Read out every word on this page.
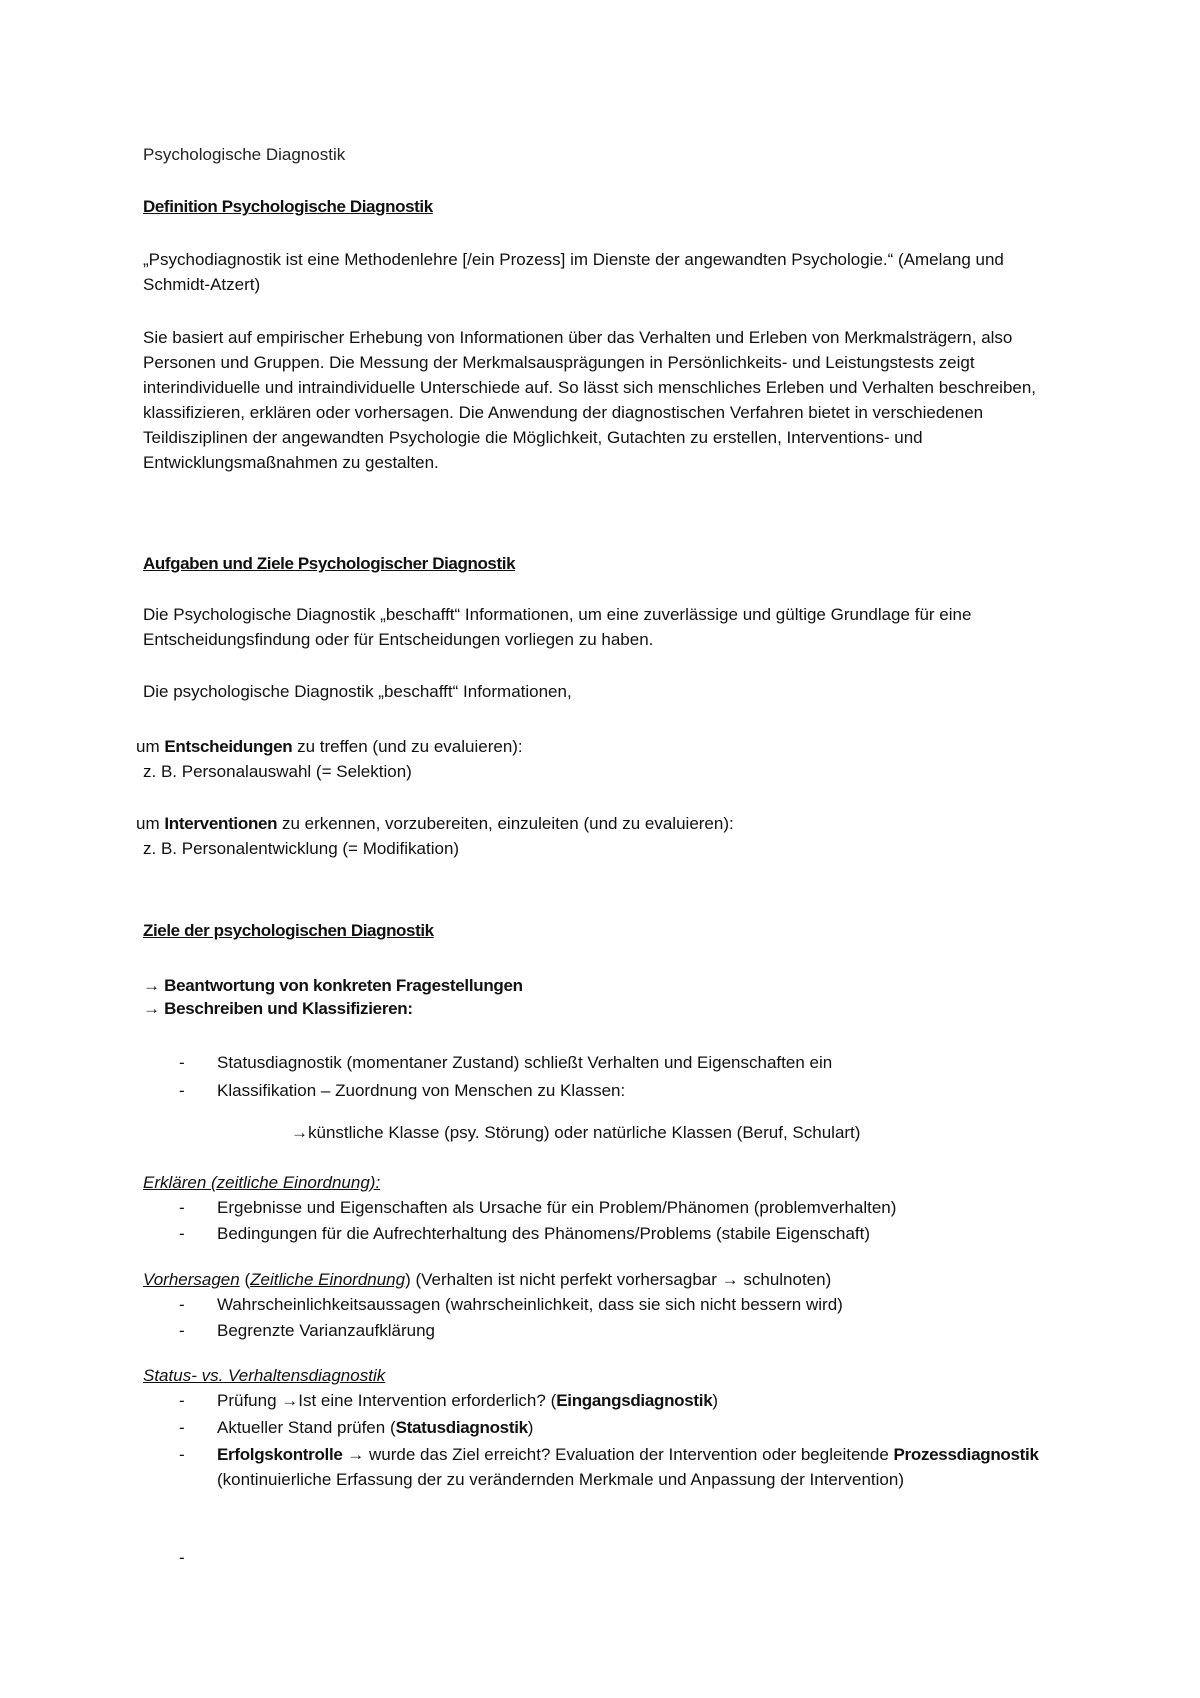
Psychologische Diagnostik
Definition Psychologische Diagnostik

„Psychodiagnostik ist eine Methodenlehre [/ein Prozess] im Dienste der angewandten Psychologie.“ (Amelang und Schmidt-Atzert)

Sie basiert auf empirischer Erhebung von Informationen über das Verhalten und Erleben von Merkmalsträgern, also Personen und Gruppen. Die Messung der Merkmalsausprägungen in Persönlichkeits- und Leistungstests zeigt interindividuelle und intraindividuelle Unterschiede auf. So lässt sich menschliches Erleben und Verhalten beschreiben, klassifizieren, erklären oder vorhersagen. Die Anwendung der diagnostischen Verfahren bietet in verschiedenen Teildisziplinen der angewandten Psychologie die Möglichkeit, Gutachten zu erstellen, Interventions- und Entwicklungsmaßnahmen zu gestalten.

Aufgaben und Ziele Psychologischer Diagnostik

Die Psychologische Diagnostik „beschafft“ Informationen, um eine zuverlässige und gültige Grundlage für eine Entscheidungsfindung oder für Entscheidungen vorliegen zu haben.

Die psychologische Diagnostik „beschafft“ Informationen,

um Entscheidungen zu treffen (und zu evaluieren):
z. B. Personalauswahl (= Selektion)
um Interventionen zu erkennen, vorzubereiten, einzuleiten (und zu evaluieren):
z. B. Personalentwicklung (= Modifikation)
Ziele der psychologischen Diagnostik
→ Beantwortung von konkreten Fragestellungen
→ Beschreiben und Klassifizieren:
- Statusdiagnostik (momentaner Zustand) schließt Verhalten und Eigenschaften ein
- Klassifikation – Zuordnung von Menschen zu Klassen:
→künstliche Klasse (psy. Störung) oder natürliche Klassen (Beruf, Schulart)
Erklären (zeitliche Einordnung):
- Ergebnisse und Eigenschaften als Ursache für ein Problem/Phänomen (problemverhalten)
- Bedingungen für die Aufrechterhaltung des Phänomens/Problems (stabile Eigenschaft)
Vorhersagen (Zeitliche Einordnung) (Verhalten ist nicht perfekt vorhersagbar → schulnoten)
- Wahrscheinlichkeitsaussagen (wahrscheinlichkeit, dass sie sich nicht bessern wird)
- Begrenzte Varianzaufklärung
Status- vs. Verhaltensdiagnostik
- Prüfung →Ist eine Intervention erforderlich? (Eingangsdiagnostik)
- Aktueller Stand prüfen (Statusdiagnostik)
- Erfolgskontrolle → wurde das Ziel erreicht? Evaluation der Intervention oder begleitende Prozessdiagnostik (kontinuierliche Erfassung der zu verändernden Merkmale und Anpassung der Intervention)
